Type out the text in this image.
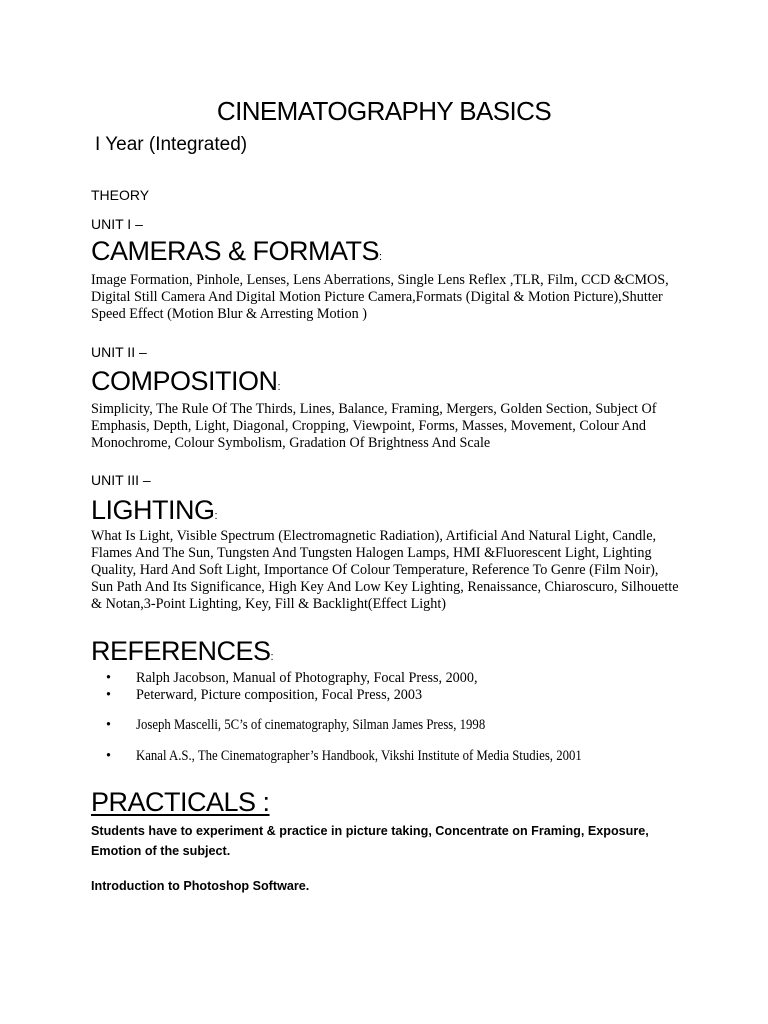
CINEMATOGRAPHY BASICS
I Year (Integrated)
THEORY
UNIT I –
CAMERAS & FORMATS:
Image Formation, Pinhole, Lenses, Lens Aberrations, Single Lens Reflex ,TLR, Film, CCD &CMOS, Digital Still Camera And Digital Motion Picture Camera,Formats (Digital & Motion Picture),Shutter Speed Effect (Motion Blur & Arresting Motion )
UNIT II –
COMPOSITION:
Simplicity, The Rule Of The Thirds, Lines, Balance, Framing, Mergers, Golden Section, Subject Of Emphasis, Depth, Light, Diagonal, Cropping, Viewpoint, Forms, Masses, Movement, Colour And Monochrome, Colour Symbolism, Gradation Of Brightness And Scale
UNIT III –
LIGHTING:
What Is Light, Visible Spectrum (Electromagnetic Radiation), Artificial And Natural Light, Candle, Flames And The Sun, Tungsten And Tungsten Halogen Lamps, HMI &Fluorescent Light, Lighting Quality, Hard And Soft Light, Importance Of Colour Temperature, Reference To Genre (Film Noir), Sun Path And Its Significance, High Key And Low Key Lighting, Renaissance, Chiaroscuro, Silhouette & Notan,3-Point Lighting, Key, Fill & Backlight(Effect Light)
REFERENCES:
Ralph Jacobson, Manual of Photography, Focal Press, 2000,
Peterward, Picture composition, Focal Press, 2003
Joseph Mascelli, 5C’s of cinematography, Silman James Press, 1998
Kanal A.S., The Cinematographer’s Handbook, Vikshi Institute of Media Studies, 2001
PRACTICALS :
Students have to experiment & practice in picture taking, Concentrate on Framing, Exposure, Emotion of the subject.
Introduction to Photoshop Software.
